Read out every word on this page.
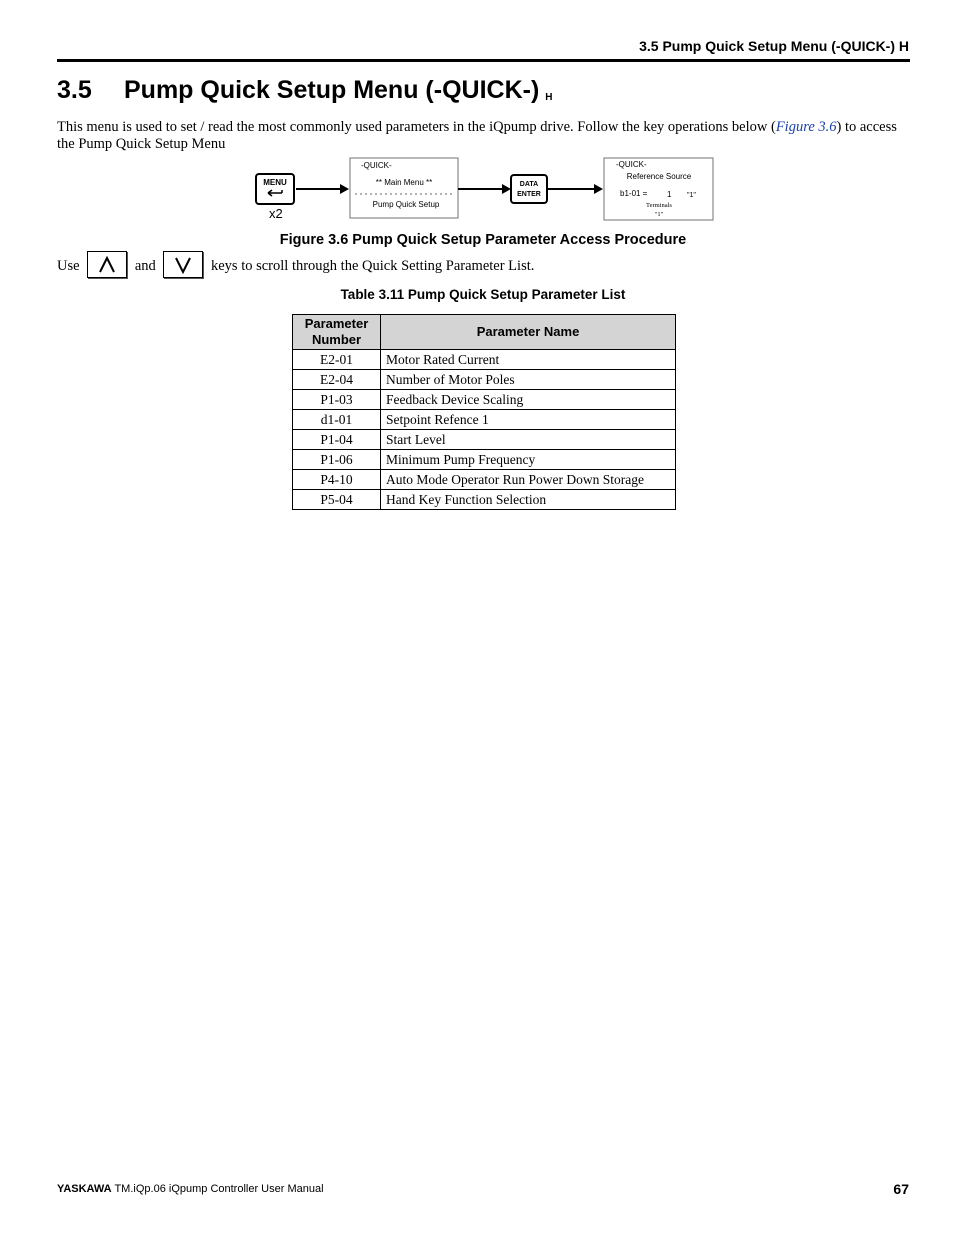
3.5 Pump Quick Setup Menu (-QUICK-) H
3.5 Pump Quick Setup Menu (-QUICK-) H
This menu is used to set / read the most commonly used parameters in the iQpump drive. Follow the key operations below (Figure 3.6) to access the Pump Quick Setup Menu
MENU
x2
-QUICK-
** Main Menu **
Pump Quick Setup
DATA
ENTER
-QUICK-
Reference Source
b1-01 = 1 "1"
Terminals
"1"
Figure 3.6 Pump Quick Setup Parameter Access Procedure
Use	and	keys to scroll through the Quick Setting Parameter List.
Table 3.11 Pump Quick Setup Parameter List
Parameter Number	Parameter Name
E2-01	Motor Rated Current
E2-04	Number of Motor Poles
P1-03	Feedback Device Scaling
d1-01	Setpoint Refence 1
P1-04	Start Level
P1-06	Minimum Pump Frequency
P4-10	Auto Mode Operator Run Power Down Storage
P5-04	Hand Key Function Selection
YASKAWA TM.iQp.06 iQpump Controller User Manual	67
